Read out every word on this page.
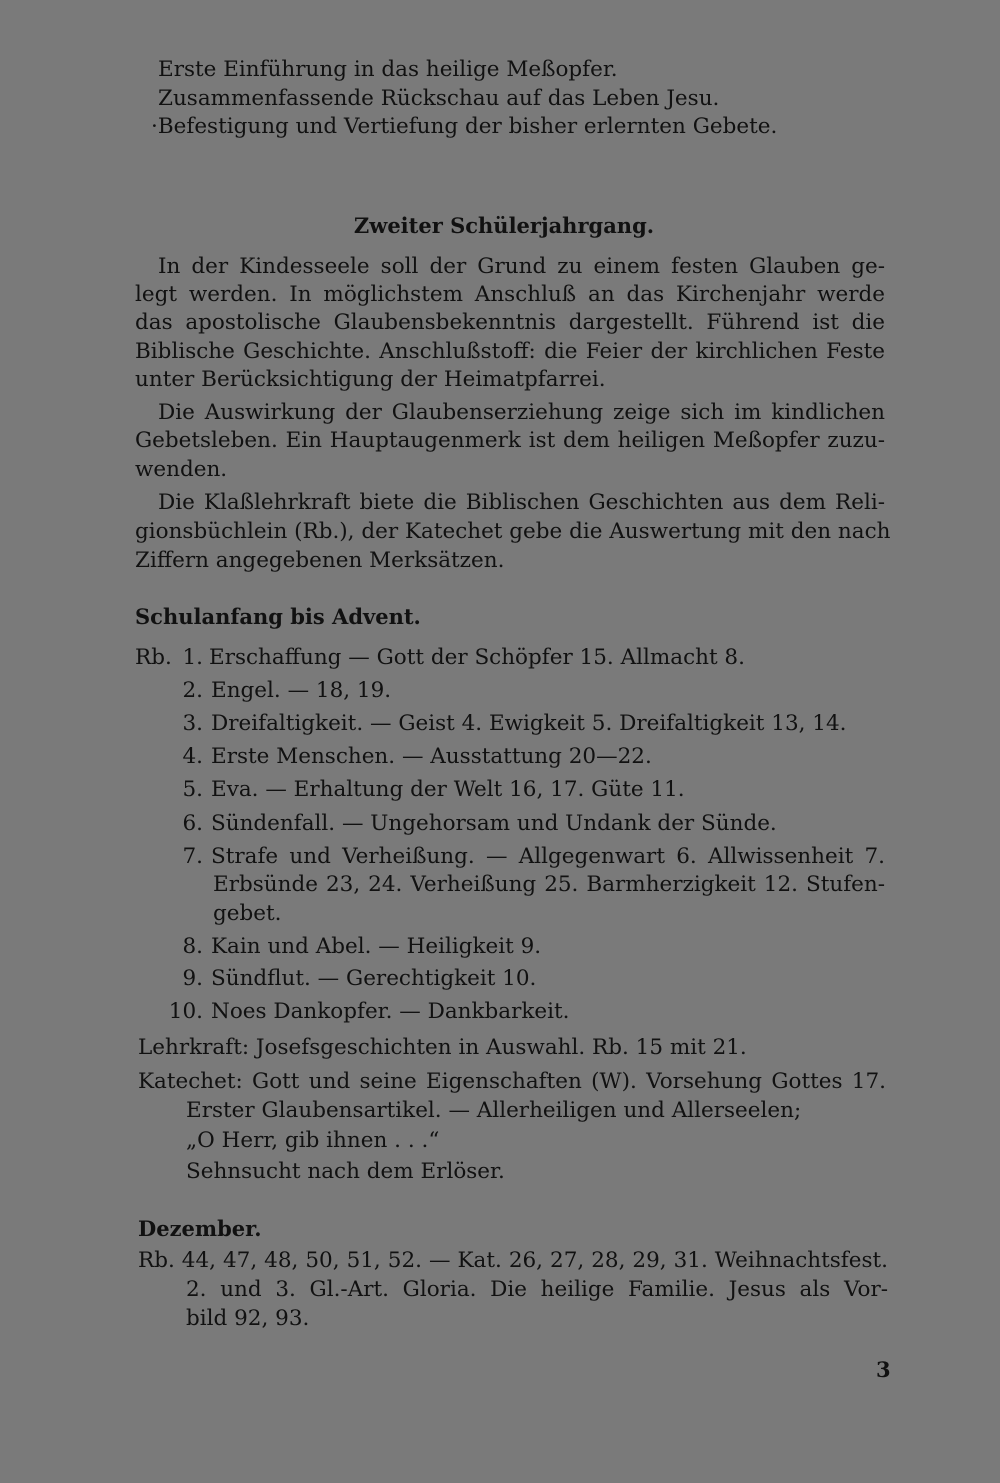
Erste Einführung in das heilige Meßopfer.
Zusammenfassende Rückschau auf das Leben Jesu.
·Befestigung und Vertiefung der bisher erlernten Gebete.
Zweiter Schülerjahrgang.
In der Kindesseele soll der Grund zu einem festen Glauben ge-
legt werden. In möglichstem Anschluß an das Kirchenjahr werde
das apostolische Glaubensbekenntnis dargestellt. Führend ist die
Biblische Geschichte. Anschlußstoff: die Feier der kirchlichen Feste
unter Berücksichtigung der Heimatpfarrei.
Die Auswirkung der Glaubenserziehung zeige sich im kindlichen
Gebetsleben. Ein Hauptaugenmerk ist dem heiligen Meßopfer zuzu-
wenden.
Die Klaßlehrkraft biete die Biblischen Geschichten aus dem Reli-
gionsbüchlein (Rb.), der Katechet gebe die Auswertung mit den nach
Ziffern angegebenen Merksätzen.
Schulanfang bis Advent.
Rb. 1. Erschaffung — Gott der Schöpfer 15. Allmacht 8.
2. Engel. — 18, 19.
3. Dreifaltigkeit. — Geist 4. Ewigkeit 5. Dreifaltigkeit 13, 14.
4. Erste Menschen. — Ausstattung 20—22.
5. Eva. — Erhaltung der Welt 16, 17. Güte 11.
6. Sündenfall. — Ungehorsam und Undank der Sünde.
7. Strafe und Verheißung. — Allgegenwart 6. Allwissenheit 7.
Erbsünde 23, 24. Verheißung 25. Barmherzigkeit 12. Stufen-
gebet.
8. Kain und Abel. — Heiligkeit 9.
9. Sündflut. — Gerechtigkeit 10.
10. Noes Dankopfer. — Dankbarkeit.
Lehrkraft: Josefsgeschichten in Auswahl. Rb. 15 mit 21.
Katechet: Gott und seine Eigenschaften (W). Vorsehung Gottes 17.
Erster Glaubensartikel. — Allerheiligen und Allerseelen;
„O Herr, gib ihnen . . .“
Sehnsucht nach dem Erlöser.
Dezember.
Rb. 44, 47, 48, 50, 51, 52. — Kat. 26, 27, 28, 29, 31. Weihnachtsfest.
2. und 3. Gl.-Art. Gloria. Die heilige Familie. Jesus als Vor-
bild 92, 93.
3
